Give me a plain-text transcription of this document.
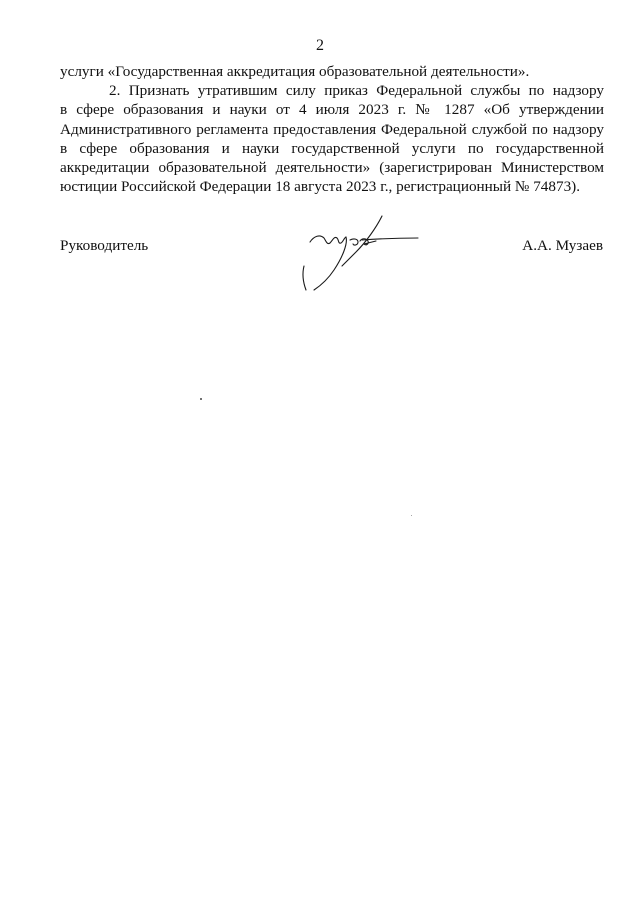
2
услуги «Государственная аккредитация образовательной деятельности».
2. Признать утратившим силу приказ Федеральной службы по надзору
в сфере образования и науки от 4 июля 2023 г. № 1287 «Об утверждении
Административного регламента предоставления Федеральной службой по надзору
в сфере образования и науки государственной услуги по государственной
аккредитации образовательной деятельности» (зарегистрирован Министерством
юстиции Российской Федерации 18 августа 2023 г., регистрационный № 74873).
Руководитель	А.А. Музаев
